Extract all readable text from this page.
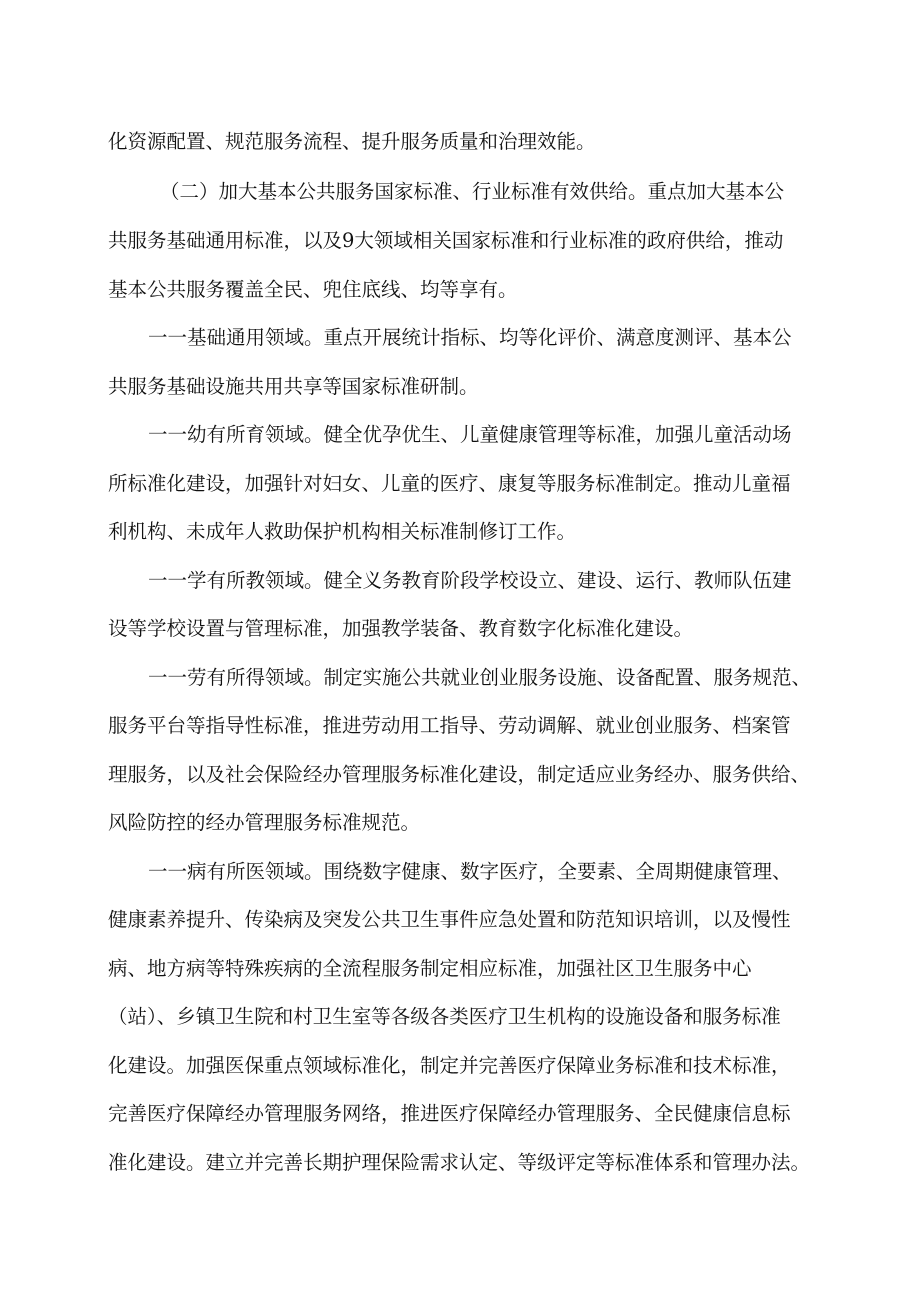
化资源配置、规范服务流程、提升服务质量和治理效能。
（二）加大基本公共服务国家标准、行业标准有效供给。重点加大基本公
共服务基础通用标准，以及9大领域相关国家标准和行业标准的政府供给，推动
基本公共服务覆盖全民、兜住底线、均等享有。
一一基础通用领域。重点开展统计指标、均等化评价、满意度测评、基本公
共服务基础设施共用共享等国家标准研制。
一一幼有所育领域。健全优孕优生、儿童健康管理等标准，加强儿童活动场
所标准化建设，加强针对妇女、儿童的医疗、康复等服务标准制定。推动儿童福
利机构、未成年人救助保护机构相关标准制修订工作。
一一学有所教领域。健全义务教育阶段学校设立、建设、运行、教师队伍建
设等学校设置与管理标准，加强教学装备、教育数字化标准化建设。
一一劳有所得领域。制定实施公共就业创业服务设施、设备配置、服务规范、
服务平台等指导性标准，推进劳动用工指导、劳动调解、就业创业服务、档案管
理服务，以及社会保险经办管理服务标准化建设，制定适应业务经办、服务供给、
风险防控的经办管理服务标准规范。
一一病有所医领域。围绕数字健康、数字医疗，全要素、全周期健康管理、
健康素养提升、传染病及突发公共卫生事件应急处置和防范知识培训，以及慢性
病、地方病等特殊疾病的全流程服务制定相应标准，加强社区卫生服务中心
（站）、乡镇卫生院和村卫生室等各级各类医疗卫生机构的设施设备和服务标准
化建设。加强医保重点领域标准化，制定并完善医疗保障业务标准和技术标准，
完善医疗保障经办管理服务网络，推进医疗保障经办管理服务、全民健康信息标
准化建设。建立并完善长期护理保险需求认定、等级评定等标准体系和管理办法。
